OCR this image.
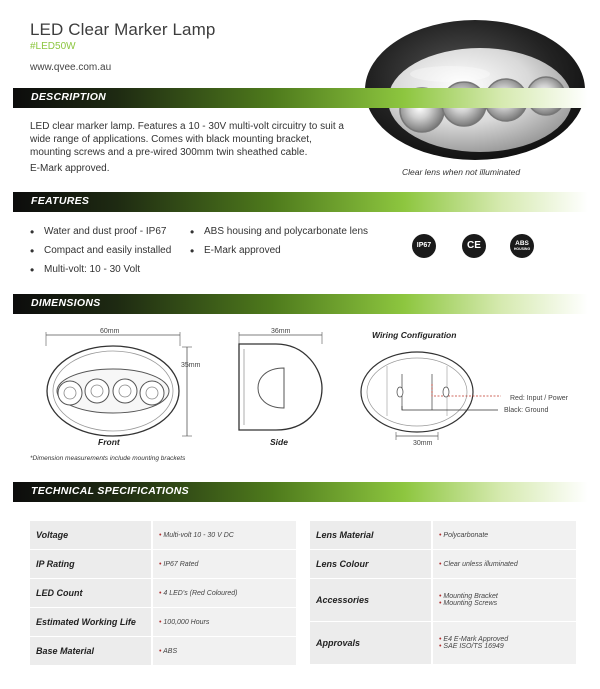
LED Clear Marker Lamp
#LED50W
www.qvee.com.au
DESCRIPTION

LED clear marker lamp. Features a 10 - 30V multi-volt circuitry to suit a wide range of applications. Comes with black mounting bracket, mounting screws and a pre-wired 300mm twin sheathed cable.

E-Mark approved.	Clear lens when not illuminated
FEATURES
• Water and dust proof - IP67
• Compact and easily installed
• Multi-volt: 10 - 30 Volt
• ABS housing and polycarbonate lens
• E-Mark approved	IP67	CE	ABS
HOUSING
DIMENSIONS
60mm
35mm
Front
36mm
Side
Wiring Configuration
Red: Input / Power
Black: Ground
30mm
*Dimension measurements include mounting brackets
TECHNICAL SPECIFICATIONS
Voltage	• Multi-volt 10 - 30 V DC
IP Rating	• IP67 Rated
LED Count	• 4 LED's (Red Coloured)
Estimated Working Life	• 100,000 Hours
Base Material	• ABS
Lens Material	• Polycarbonate
Lens Colour	• Clear unless illuminated
Accessories	• Mounting Bracket
• Mounting Screws
Approvals	• E4 E-Mark Approved
• SAE ISO/TS 16949
